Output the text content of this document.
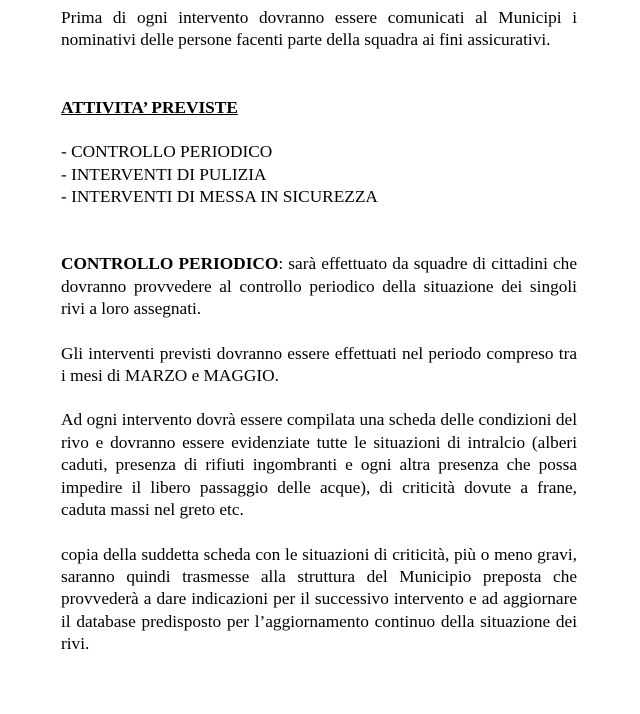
Prima di ogni intervento dovranno essere comunicati al Municipi i nominativi delle persone facenti parte della squadra ai fini assicurativi.

ATTIVITA’ PREVISTE

- CONTROLLO PERIODICO
- INTERVENTI DI PULIZIA
- INTERVENTI DI MESSA IN SICUREZZA

CONTROLLO PERIODICO: sarà effettuato da squadre di cittadini che dovranno provvedere al controllo periodico della situazione dei singoli rivi a loro assegnati.

Gli interventi previsti dovranno essere effettuati nel periodo compreso tra i mesi di MARZO e MAGGIO.

Ad ogni intervento dovrà essere compilata una scheda delle condizioni del rivo e dovranno essere evidenziate tutte le situazioni di intralcio (alberi caduti, presenza di rifiuti ingombranti e ogni altra presenza che possa impedire il libero passaggio delle acque), di criticità dovute a frane, caduta massi nel greto etc.

copia della suddetta scheda con le situazioni di criticità, più o meno gravi, saranno quindi trasmesse alla struttura del Municipio preposta che provvederà a dare indicazioni per il successivo intervento e ad aggiornare il database predisposto per l’aggiornamento continuo della situazione dei rivi.
